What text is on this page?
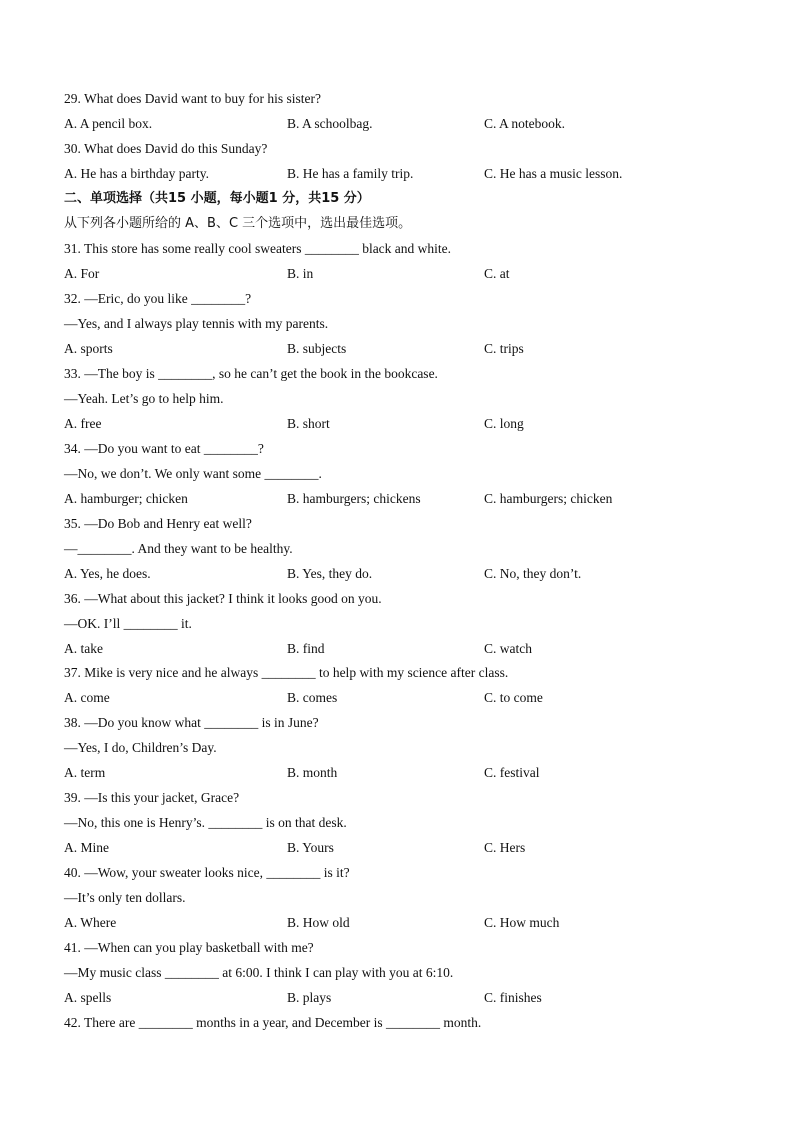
29. What does David want to buy for his sister?
A. A pencil box.	B. A schoolbag.	C. A notebook.
30. What does David do this Sunday?
A. He has a birthday party.	B. He has a family trip.	C. He has a music lesson.
二、单项选择（共15 小题，每小题1 分，共15 分）
从下列各小题所给的 A、B、C 三个选项中，选出最佳选项。
31. This store has some really cool sweaters ________ black and white.
A. For	B. in	C. at
32. —Eric, do you like ________?
—Yes, and I always play tennis with my parents.
A. sports	B. subjects	C. trips
33. —The boy is ________, so he can’t get the book in the bookcase.
—Yeah. Let’s go to help him.
A. free	B. short	C. long
34. —Do you want to eat ________?
—No, we don’t. We only want some ________.
A. hamburger; chicken	B. hamburgers; chickens	C. hamburgers; chicken
35. —Do Bob and Henry eat well?
—________. And they want to be healthy.
A. Yes, he does.	B. Yes, they do.	C. No, they don’t.
36. —What about this jacket? I think it looks good on you.
—OK. I’ll ________ it.
A. take	B. find	C. watch
37. Mike is very nice and he always ________ to help with my science after class.
A. come	B. comes	C. to come
38. —Do you know what ________ is in June?
—Yes, I do, Children’s Day.
A. term	B. month	C. festival
39. —Is this your jacket, Grace?
—No, this one is Henry’s. ________ is on that desk.
A. Mine	B. Yours	C. Hers
40. —Wow, your sweater looks nice, ________ is it?
—It’s only ten dollars.
A. Where	B. How old	C. How much
41. —When can you play basketball with me?
—My music class ________ at 6:00. I think I can play with you at 6:10.
A. spells	B. plays	C. finishes
42. There are ________ months in a year, and December is ________ month.
